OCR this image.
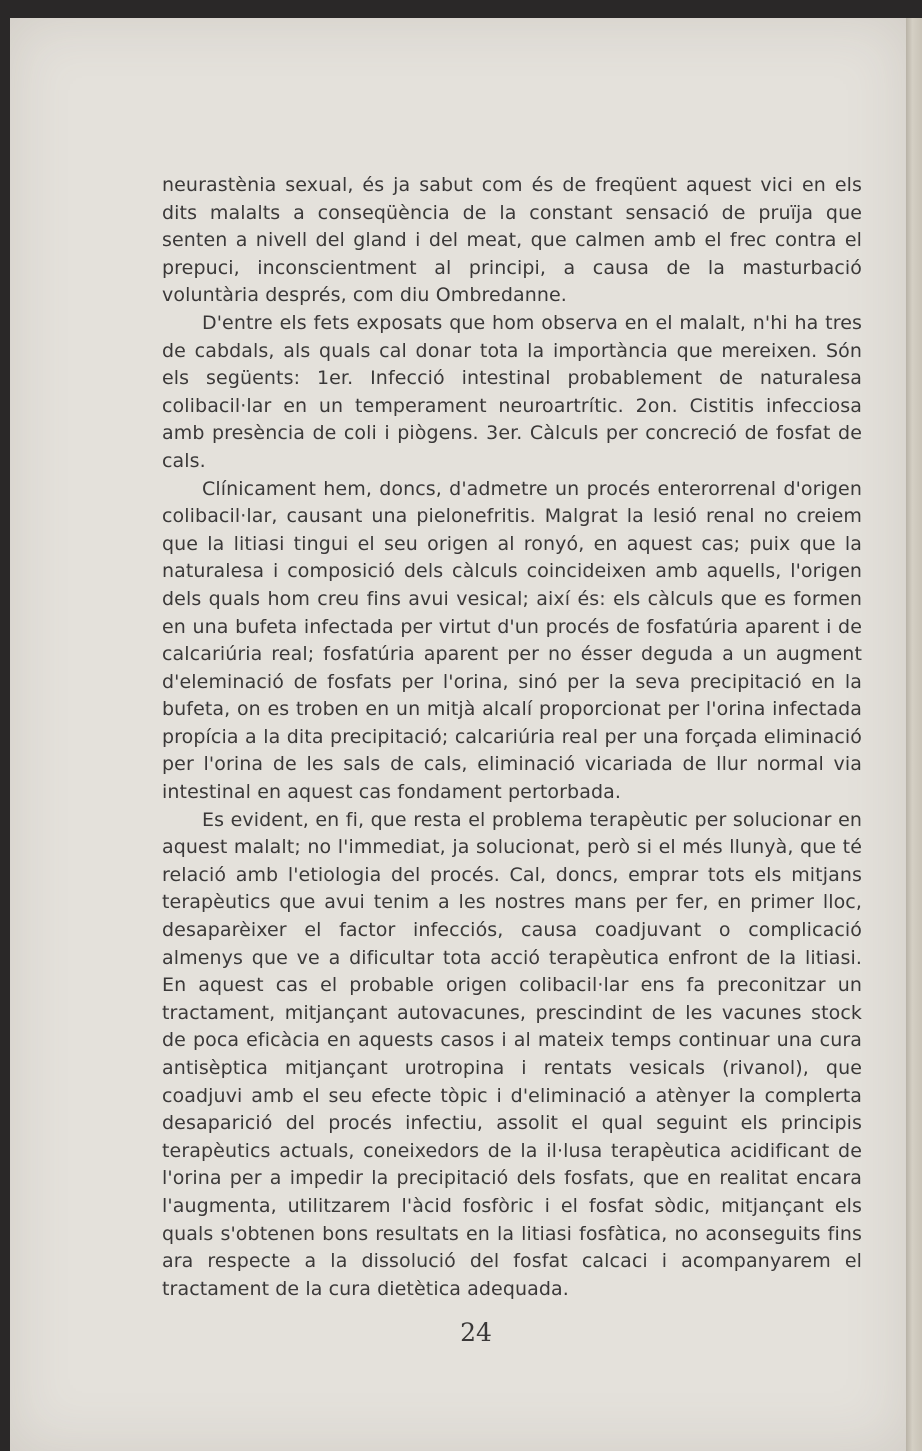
neurastènia sexual, és ja sabut com és de freqüent aquest vici en els dits malalts a conseqüència de la constant sensació de pruïja que senten a nivell del gland i del meat, que calmen amb el frec contra el prepuci, inconscientment al principi, a causa de la masturbació voluntària després, com diu Ombredanne.

D'entre els fets exposats que hom observa en el malalt, n'hi ha tres de cabdals, als quals cal donar tota la importància que mereixen. Són els següents: 1er. Infecció intestinal probablement de naturalesa colibacil·lar en un temperament neuroartrític. 2on. Cistitis infecciosa amb presència de coli i piògens. 3er. Càlculs per concreció de fosfat de cals.

Clínicament hem, doncs, d'admetre un procés enterorrenal d'origen colibacil·lar, causant una pielonefritis. Malgrat la lesió renal no creiem que la litiasi tingui el seu origen al ronyó, en aquest cas; puix que la naturalesa i composició dels càlculs coincideixen amb aquells, l'origen dels quals hom creu fins avui vesical; així és: els càlculs que es formen en una bufeta infectada per virtut d'un procés de fosfatúria aparent i de calcariúria real; fosfatúria aparent per no ésser deguda a un augment d'eleminació de fosfats per l'orina, sinó per la seva precipitació en la bufeta, on es troben en un mitjà alcalí proporcionat per l'orina infectada propícia a la dita precipitació; calcariúria real per una forçada eliminació per l'orina de les sals de cals, eliminació vicariada de llur normal via intestinal en aquest cas fondament pertorbada.

Es evident, en fi, que resta el problema terapèutic per solucionar en aquest malalt; no l'immediat, ja solucionat, però si el més llunyà, que té relació amb l'etiologia del procés. Cal, doncs, emprar tots els mitjans terapèutics que avui tenim a les nostres mans per fer, en primer lloc, desaparèixer el factor infecciós, causa coadjuvant o complicació almenys que ve a dificultar tota acció terapèutica enfront de la litiasi. En aquest cas el probable origen colibacil·lar ens fa preconitzar un tractament, mitjançant autovacunes, prescindint de les vacunes stock de poca eficàcia en aquests casos i al mateix temps continuar una cura antisèptica mitjançant urotropina i rentats vesicals (rivanol), que coadjuvi amb el seu efecte tòpic i d'eliminació a atènyer la complerta desaparició del procés infectiu, assolit el qual seguint els principis terapèutics actuals, coneixedors de la il·lusa terapèutica acidificant de l'orina per a impedir la precipitació dels fosfats, que en realitat encara l'augmenta, utilitzarem l'àcid fosfòric i el fosfat sòdic, mitjançant els quals s'obtenen bons resultats en la litiasi fosfàtica, no aconseguits fins ara respecte a la dissolució del fosfat calcaci i acompanyarem el tractament de la cura dietètica adequada.

24
